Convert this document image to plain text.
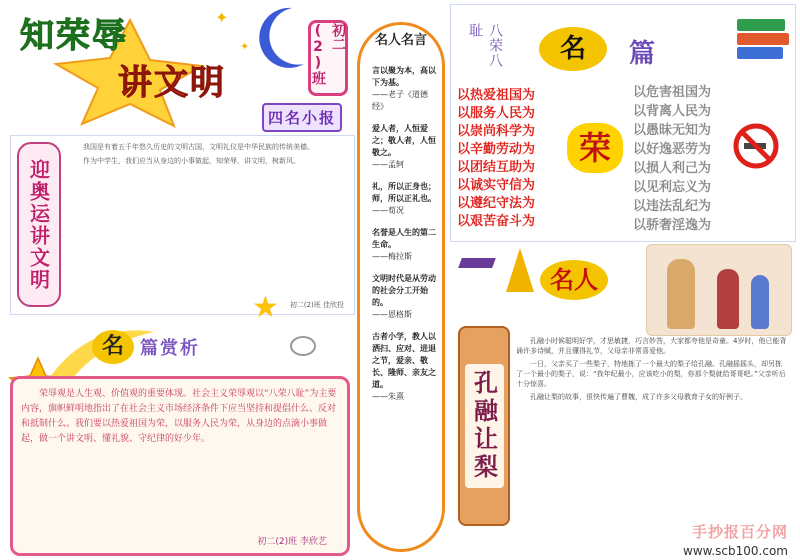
知荣辱
讲文明
初二(2)班
四名小报
✦
✦
迎奥运讲文明

我国是有着五千年悠久历史的文明古国，文明礼仪是中华民族的传统美德。

作为中学生，我们应当从身边的小事做起，知荣辱，讲文明，树新风。

初二(2)班 佳欣投
名 篇赏析

荣辱观是人生观、价值观的重要体现。社会主义荣辱观以“八荣八耻”为主要内容，旗帜鲜明地指出了在社会主义市场经济条件下应当坚持和提倡什么、反对和抵制什么。我们要以热爱祖国为荣，以服务人民为荣，从身边的点滴小事做起，做一个讲文明、懂礼貌、守纪律的好少年。

初二(2)班 李欣艺
★
名人名言

言以聚为本，高以下为基。

——老子《道德经》

爱人者，人恒爱之；敬人者，人恒敬之。

——孟轲

礼，所以正身也；师，所以正礼也。

——荀况

名誉是人生的第二生命。

——梅拉斯

文明时代是从劳动的社会分工开始的。

——恩格斯

古者小学，教人以洒扫、应对、进退之节，爱亲、敬长、隆师、亲友之道。

——朱熹

八荣八耻
名	篇
以热爱祖国为
以服务人民为
以崇尚科学为
以辛勤劳动为
以团结互助为
以诚实守信为
以遵纪守法为
以艰苦奋斗为
荣
以危害祖国为
以背离人民为
以愚昧无知为
以好逸恶劳为
以损人利己为
以见利忘义为
以违法乱纪为
以骄奢淫逸为
名人
孔融让梨

孔融小时候聪明好学，才思敏捷，巧言妙答，大家都夸他是奇童。4岁时，他已能背诵许多诗赋，并且懂得礼节，父母亲非常喜爱他。

一日，父亲买了一些梨子，特地拣了一个最大的梨子给孔融。孔融摇摇头，却另拣了一个最小的梨子，说：“我年纪最小，应该吃小的梨，你那个梨就给哥哥吧。”父亲听后十分惊喜。

孔融让梨的故事，很快传遍了曹魏，成了许多父母教育子女的好例子。

手抄报百分网
www.scb100.com
